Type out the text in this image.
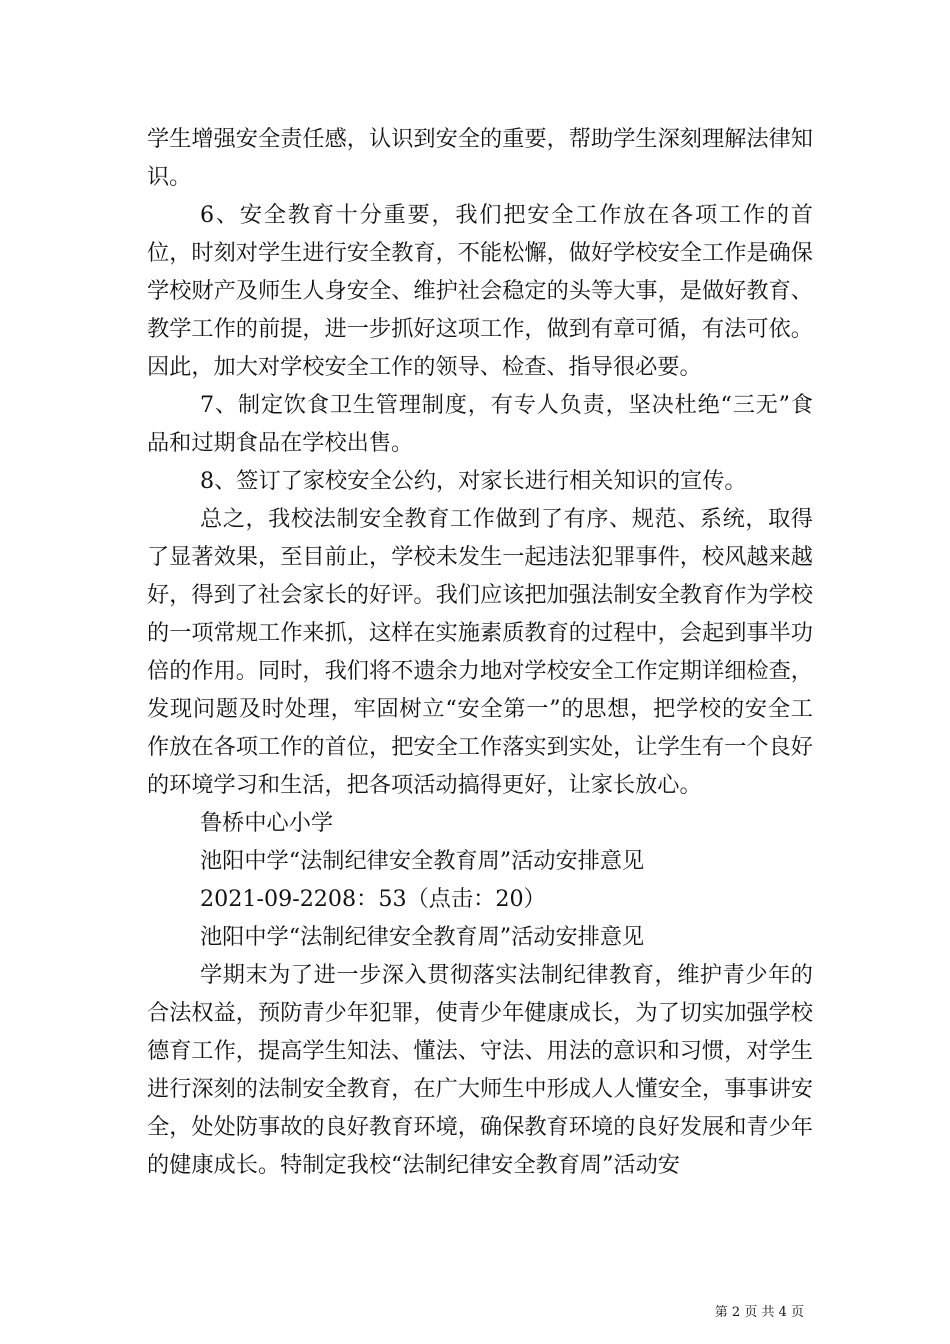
学生增强安全责任感，认识到安全的重要，帮助学生深刻理解法律知识。

6、安全教育十分重要，我们把安全工作放在各项工作的首位，时刻对学生进行安全教育，不能松懈，做好学校安全工作是确保学校财产及师生人身安全、维护社会稳定的头等大事，是做好教育、教学工作的前提，进一步抓好这项工作，做到有章可循，有法可依。因此，加大对学校安全工作的领导、检查、指导很必要。

7、制定饮食卫生管理制度，有专人负责，坚决杜绝“三无”食品和过期食品在学校出售。

8、签订了家校安全公约，对家长进行相关知识的宣传。

总之，我校法制安全教育工作做到了有序、规范、系统，取得了显著效果，至目前止，学校未发生一起违法犯罪事件，校风越来越好，得到了社会家长的好评。我们应该把加强法制安全教育作为学校的一项常规工作来抓，这样在实施素质教育的过程中，会起到事半功倍的作用。同时，我们将不遗余力地对学校安全工作定期详细检查，发现问题及时处理，牢固树立“安全第一”的思想，把学校的安全工作放在各项工作的首位，把安全工作落实到实处，让学生有一个良好的环境学习和生活，把各项活动搞得更好，让家长放心。

鲁桥中心小学

池阳中学“法制纪律安全教育周”活动安排意见

2021-09-2208：53（点击：20）

池阳中学“法制纪律安全教育周”活动安排意见

学期末为了进一步深入贯彻落实法制纪律教育，维护青少年的合法权益，预防青少年犯罪，使青少年健康成长，为了切实加强学校德育工作，提高学生知法、懂法、守法、用法的意识和习惯，对学生进行深刻的法制安全教育，在广大师生中形成人人懂安全，事事讲安全，处处防事故的良好教育环境，确保教育环境的良好发展和青少年的健康成长。特制定我校“法制纪律安全教育周”活动安

第 2 页 共 4 页
